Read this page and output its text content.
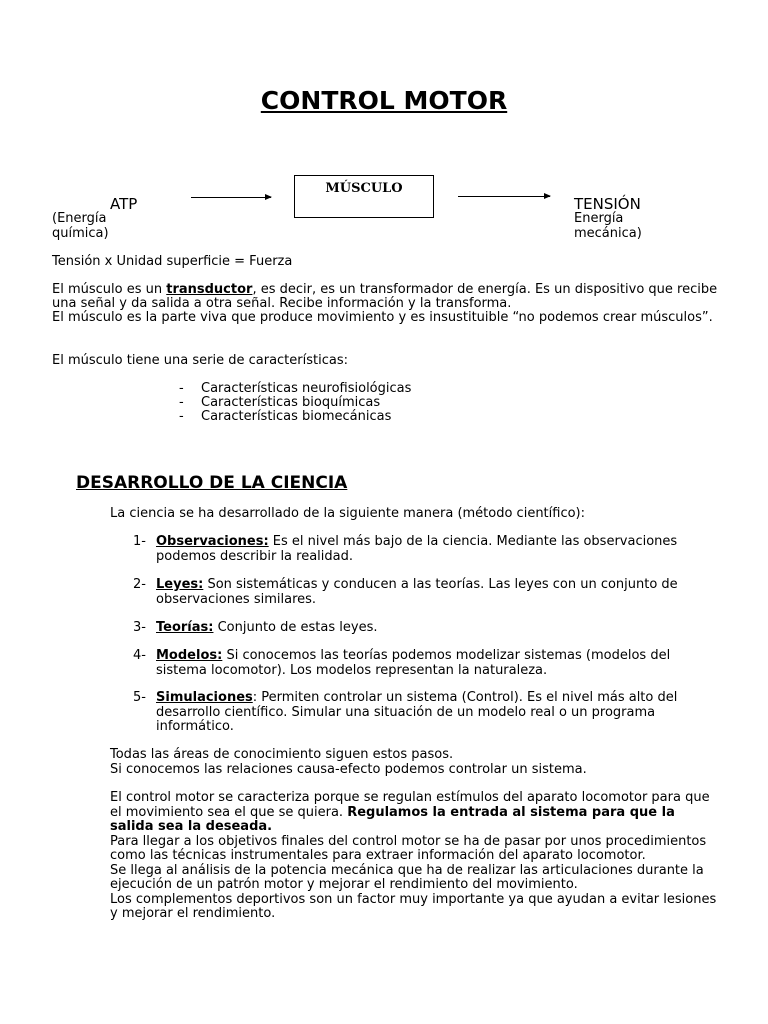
CONTROL MOTOR
ATP
(Energía química)
MÚSCULO
TENSIÓN
Energía mecánica)
Tensión x Unidad superficie = Fuerza
El músculo es un transductor, es decir, es un transformador de energía. Es un dispositivo que recibe
una señal y da salida a otra señal. Recibe información y la transforma.
El músculo es la parte viva que produce movimiento y es insustituible “no podemos crear músculos”.
El músculo tiene una serie de características:
- Características neurofisiológicas
- Características bioquímicas
- Características biomecánicas
DESARROLLO DE LA CIENCIA
La ciencia se ha desarrollado de la siguiente manera (método científico):
1- Observaciones: Es el nivel más bajo de la ciencia. Mediante las observaciones
podemos describir la realidad.
2- Leyes: Son sistemáticas y conducen a las teorías. Las leyes con un conjunto de
observaciones similares.
3- Teorías: Conjunto de estas leyes.
4- Modelos: Si conocemos las teorías podemos modelizar sistemas (modelos del
sistema locomotor). Los modelos representan la naturaleza.
5- Simulaciones: Permiten controlar un sistema (Control). Es el nivel más alto del
desarrollo científico. Simular una situación de un modelo real o un programa
informático.
Todas las áreas de conocimiento siguen estos pasos.
Si conocemos las relaciones causa-efecto podemos controlar un sistema.
El control motor se caracteriza porque se regulan estímulos del aparato locomotor para que
el movimiento sea el que se quiera. Regulamos la entrada al sistema para que la
salida sea la deseada.
Para llegar a los objetivos finales del control motor se ha de pasar por unos procedimientos
como las técnicas instrumentales para extraer información del aparato locomotor.
Se llega al análisis de la potencia mecánica que ha de realizar las articulaciones durante la
ejecución de un patrón motor y mejorar el rendimiento del movimiento.
Los complementos deportivos son un factor muy importante ya que ayudan a evitar lesiones
y mejorar el rendimiento.
